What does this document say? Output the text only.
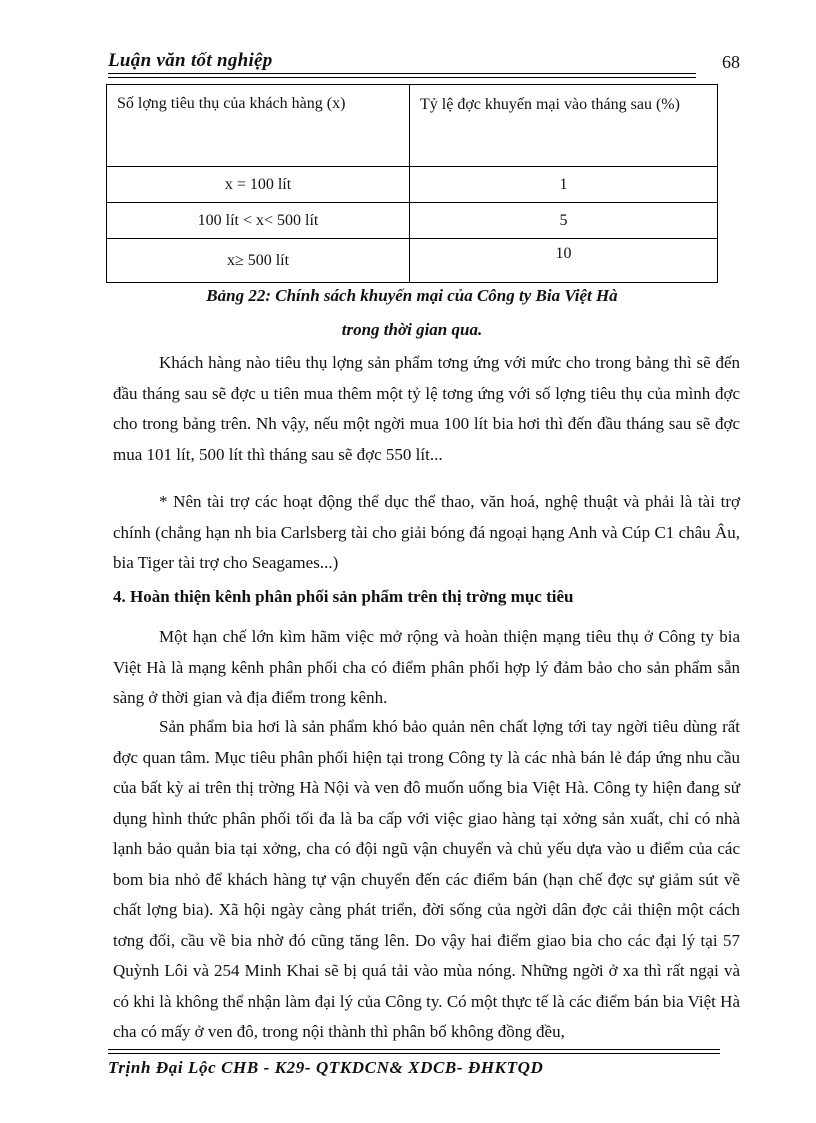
Luận văn tốt nghiệp	68
Số lợng tiêu thụ của khách hàng (x)	Tỷ lệ đợc khuyến mại vào tháng sau (%)
x = 100 lít	1
100 lít < x< 500 lít	5
x≥ 500 lít	10
Bảng 22: Chính sách khuyến mại của Công ty Bia Việt Hà
trong thời gian qua.

Khách hàng nào tiêu thụ lợng sản phẩm tơng ứng với mức cho trong bảng thì sẽ đến đầu tháng sau sẽ đợc u tiên mua thêm một tỷ lệ tơng ứng với số lợng tiêu thụ của mình đợc cho trong bảng trên. Nh vậy, nếu một ngời mua 100 lít bia hơi thì đến đầu tháng sau sẽ đợc mua 101 lít, 500 lít thì tháng sau sẽ đợc 550 lít...

* Nên tài trợ các hoạt động thể dục thể thao, văn hoá, nghệ thuật và phải là tài trợ chính (chẳng hạn nh bia Carlsberg tài cho giải bóng đá ngoại hạng Anh và Cúp C1 châu Âu, bia Tiger tài trợ cho Seagames...)

4. Hoàn thiện kênh phân phối sản phẩm trên thị trờng mục tiêu

Một hạn chế lớn kìm hãm việc mở rộng và hoàn thiện mạng tiêu thụ ở Công ty bia Việt Hà là mạng kênh phân phối cha có điểm phân phối hợp lý đảm bảo cho sản phẩm sẵn sàng ở thời gian và địa điểm trong kênh.

Sản phẩm bia hơi là sản phẩm khó bảo quản nên chất lợng tới tay ngời tiêu dùng rất đợc quan tâm. Mục tiêu phân phối hiện tại trong Công ty là các nhà bán lẻ đáp ứng nhu cầu của bất kỳ ai trên thị trờng Hà Nội và ven đô muốn uống bia Việt Hà. Công ty hiện đang sử dụng hình thức phân phối tối đa là ba cấp với việc giao hàng tại xởng sản xuất, chỉ có nhà lạnh bảo quản bia tại xởng, cha có đội ngũ vận chuyển và chủ yếu dựa vào u điểm của các bom bia nhỏ để khách hàng tự vận chuyển đến các điểm bán (hạn chế đợc sự giảm sút về chất lợng bia). Xã hội ngày càng phát triển, đời sống của ngời dân đợc cải thiện một cách tơng đối, cầu về bia nhờ đó cũng tăng lên. Do vậy hai điểm giao bia cho các đại lý tại 57 Quỳnh Lôi và 254 Minh Khai sẽ bị quá tải vào mùa nóng. Những ngời ở xa thì rất ngại và có khi là không thể nhận làm đại lý của Công ty. Có một thực tế là các điểm bán bia Việt Hà cha có mấy ở ven đô, trong nội thành thì phân bố không đồng đều,

Trịnh Đại Lộc CHB - K29- QTKDCN& XDCB- ĐHKTQD
